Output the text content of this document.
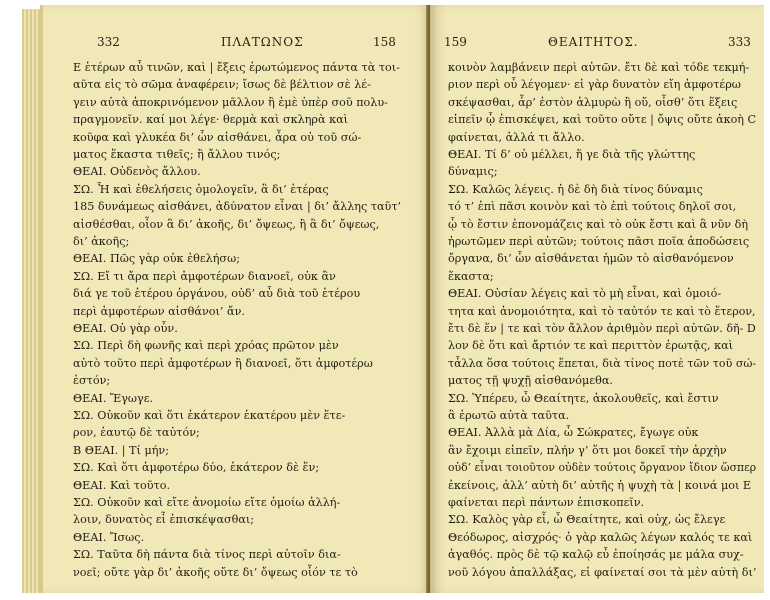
332	ΠΛΑΤΩΝΟΣ	158
Ε ἑτέρων αὖ τινῶν, καὶ | ἔξεις ἐρωτώμενος πάντα τὰ τοι-
αῦτα εἰς τὸ σῶμα ἀναφέρειν; ἴσως δὲ βέλτιον σὲ λέ-
γειν αὐτὰ ἀποκρινόμενον μᾶλλον ἢ ἐμὲ ὑπὲρ σοῦ πολυ-
πραγμονεῖν. καί μοι λέγε· θερμὰ καὶ σκληρὰ καὶ
κοῦφα καὶ γλυκέα δι’ ὧν αἰσθάνει, ἆρα οὐ τοῦ σώ-
ματος ἕκαστα τιθεῖς; ἢ ἄλλου τινός;
ΘΕΑΙ. Οὐδενὸς ἄλλου.
ΣΩ. Ἦ καὶ ἐθελήσεις ὁμολογεῖν, ἃ δι’ ἑτέρας
185 δυνάμεως αἰσθάνει, ἀδύνατον εἶναι | δι’ ἄλλης ταῦτ’
αἰσθέσθαι, οἷον ἃ δι’ ἀκοῆς, δι’ ὄψεως, ἢ ἃ δι’ ὄψεως,
δι’ ἀκοῆς;
ΘΕΑΙ. Πῶς γὰρ οὐκ ἐθελήσω;
ΣΩ. Εἴ τι ἄρα περὶ ἀμφοτέρων διανοεῖ, οὐκ ἂν
διά γε τοῦ ἑτέρου ὀργάνου, οὐδ’ αὖ διὰ τοῦ ἑτέρου
περὶ ἀμφοτέρων αἰσθάνοι’ ἄν.
ΘΕΑΙ. Οὐ γὰρ οὖν.
ΣΩ. Περὶ δὴ φωνῆς καὶ περὶ χρόας πρῶτον μὲν
αὐτὸ τοῦτο περὶ ἀμφοτέρων ἢ διανοεῖ, ὅτι ἀμφοτέρω
ἐστόν;
ΘΕΑΙ. Ἔγωγε.
ΣΩ. Οὐκοῦν καὶ ὅτι ἑκάτερον ἑκατέρου μὲν ἕτε-
ρον, ἑαυτῷ δὲ ταὐτόν;
Β ΘΕΑΙ. | Τί μήν;
ΣΩ. Καὶ ὅτι ἀμφοτέρω δύο, ἑκάτερον δὲ ἕν;
ΘΕΑΙ. Καὶ τοῦτο.
ΣΩ. Οὐκοῦν καὶ εἴτε ἀνομοίω εἴτε ὁμοίω ἀλλή-
λοιν, δυνατὸς εἶ ἐπισκέψασθαι;
ΘΕΑΙ. Ἴσως.
ΣΩ. Ταῦτα δὴ πάντα διὰ τίνος περὶ αὐτοῖν δια-
νοεῖ; οὔτε γὰρ δι’ ἀκοῆς οὔτε δι’ ὄψεως οἷόν τε τὸ
159	ΘΕΑΙΤΗΤΟΣ.	333
κοινὸν λαμβάνειν περὶ αὐτῶν. ἔτι δὲ καὶ τόδε τεκμή-
ριον περὶ οὗ λέγομεν· εἰ γὰρ δυνατὸν εἴη ἀμφοτέρω
σκέψασθαι, ἆρ’ ἐστὸν ἁλμυρὼ ἢ οὔ, οἶσθ’ ὅτι ἕξεις
εἰπεῖν ᾧ ἐπισκέψει, καὶ τοῦτο οὔτε | ὄψις οὔτε ἀκοὴ C
φαίνεται, ἀλλά τι ἄλλο.
ΘΕΑΙ. Τί δ’ οὐ μέλλει, ἥ γε διὰ τῆς γλώττης
δύναμις;
ΣΩ. Καλῶς λέγεις. ἡ δὲ δὴ διὰ τίνος δύναμις
τό τ’ ἐπὶ πᾶσι κοινὸν καὶ τὸ ἐπὶ τούτοις δηλοῖ σοι,
ᾧ τὸ ἔστιν ἐπονομάζεις καὶ τὸ οὐκ ἔστι καὶ ἃ νῦν δὴ
ἠρωτῶμεν περὶ αὐτῶν; τούτοις πᾶσι ποῖα ἀποδώσεις
ὄργανα, δι’ ὧν αἰσθάνεται ἡμῶν τὸ αἰσθανόμενον
ἕκαστα;
ΘΕΑΙ. Οὐσίαν λέγεις καὶ τὸ μὴ εἶναι, καὶ ὁμοιό-
τητα καὶ ἀνομοιότητα, καὶ τὸ ταὐτόν τε καὶ τὸ ἕτερον,
ἔτι δὲ ἕν | τε καὶ τὸν ἄλλον ἀριθμὸν περὶ αὐτῶν. δῆ- D
λον δὲ ὅτι καὶ ἄρτιόν τε καὶ περιττὸν ἐρωτᾷς, καὶ
τἆλλα ὅσα τούτοις ἕπεται, διὰ τίνος ποτὲ τῶν τοῦ σώ-
ματος τῇ ψυχῇ αἰσθανόμεθα.
ΣΩ. Ὑπέρευ, ὦ Θεαίτητε, ἀκολουθεῖς, καὶ ἔστιν
ἃ ἐρωτῶ αὐτὰ ταῦτα.
ΘΕΑΙ. Ἀλλὰ μὰ Δία, ὦ Σώκρατες, ἔγωγε οὐκ
ἂν ἔχοιμι εἰπεῖν, πλήν γ’ ὅτι μοι δοκεῖ τὴν ἀρχὴν
οὐδ’ εἶναι τοιοῦτον οὐδὲν τούτοις ὄργανον ἴδιον ὥσπερ
ἐκείνοις, ἀλλ’ αὐτὴ δι’ αὑτῆς ἡ ψυχὴ τὰ | κοινά μοι Ε
φαίνεται περὶ πάντων ἐπισκοπεῖν.
ΣΩ. Καλὸς γὰρ εἶ, ὦ Θεαίτητε, καὶ οὐχ, ὡς ἔλεγε
Θεόδωρος, αἰσχρός· ὁ γὰρ καλῶς λέγων καλός τε καὶ
ἀγαθός. πρὸς δὲ τῷ καλῷ εὖ ἐποίησάς με μάλα συχ-
νοῦ λόγου ἀπαλλάξας, εἰ φαίνεταί σοι τὰ μὲν αὐτὴ δι’
